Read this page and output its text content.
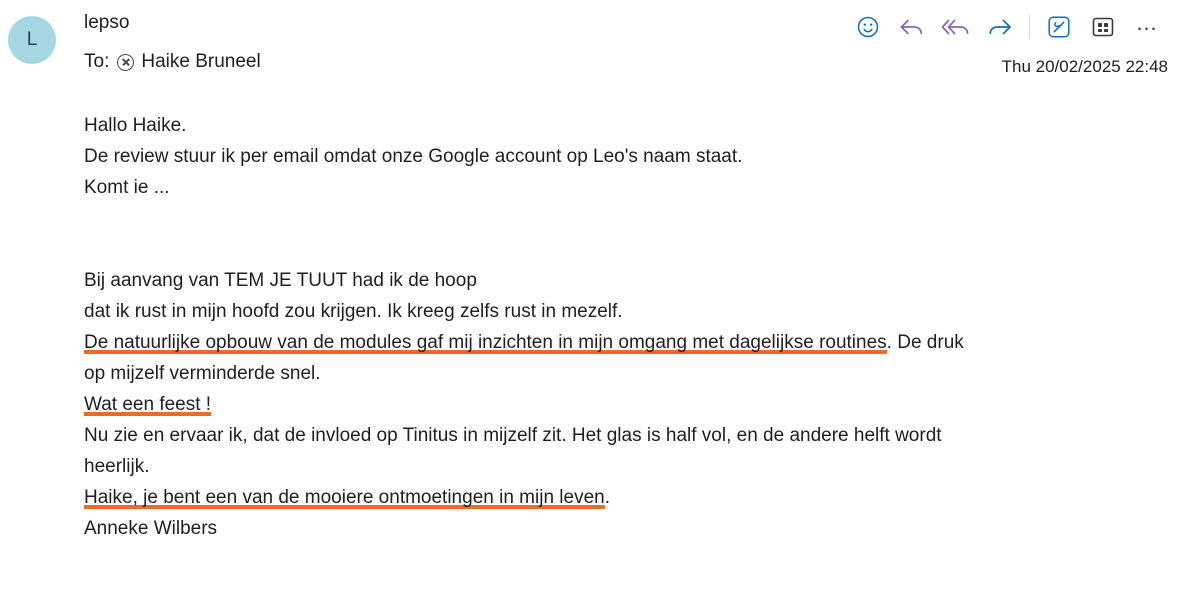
L
lepso
To: Haike Bruneel
…
Thu 20/02/2025 22:48

Hallo Haike.

De review stuur ik per email omdat onze Google account op Leo's naam staat.

Komt ie ...

Bij aanvang van TEM JE TUUT had ik de hoop

dat ik rust in mijn hoofd zou krijgen. Ik kreeg zelfs rust in mezelf.

De natuurlijke opbouw van de modules gaf mij inzichten in mijn omgang met dagelijkse routines. De druk

op mijzelf verminderde snel.

Wat een feest !

Nu zie en ervaar ik, dat de invloed op Tinitus in mijzelf zit. Het glas is half vol, en de andere helft wordt

heerlijk.

Haike, je bent een van de mooiere ontmoetingen in mijn leven.

Anneke Wilbers
